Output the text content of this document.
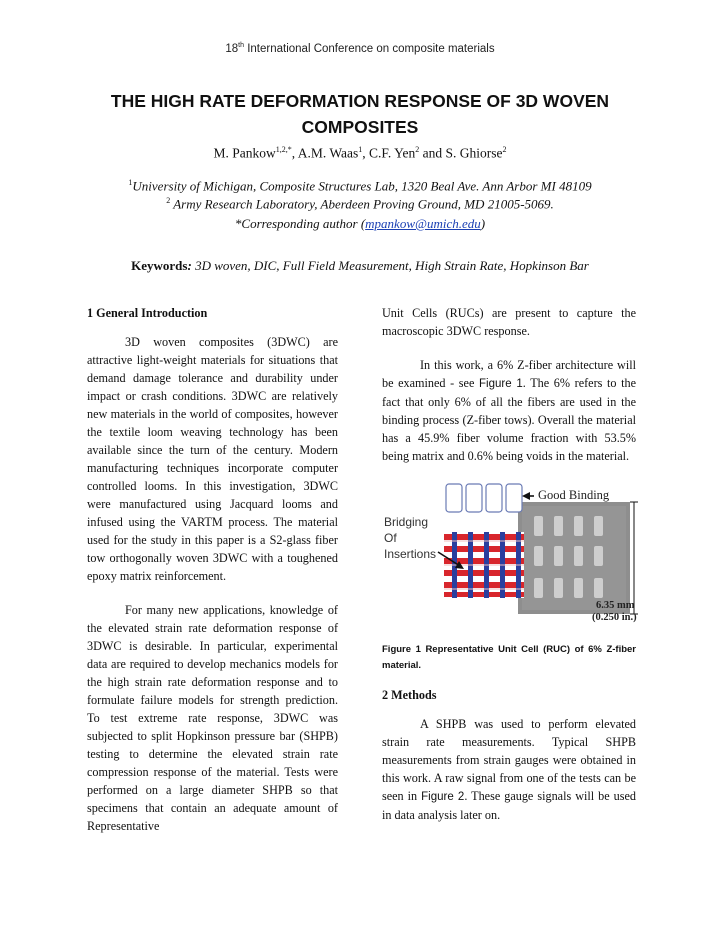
18th International Conference on composite materials
THE HIGH RATE DEFORMATION RESPONSE OF 3D WOVEN COMPOSITES
M. Pankow$^{1,2,*}$, A.M. Waas$^1$, C.F. Yen$^2$ and S. Ghiorse$^2$
$^1$University of Michigan, Composite Structures Lab, 1320 Beal Ave. Ann Arbor MI 48109
$^2$ Army Research Laboratory, Aberdeen Proving Ground, MD 21005-5069.
*Corresponding author (mpankow@umich.edu)
Keywords: 3D woven, DIC, Full Field Measurement, High Strain Rate, Hopkinson Bar
1 General Introduction

3D woven composites (3DWC) are attractive light-weight materials for situations that demand damage tolerance and durability under impact or crash conditions. 3DWC are relatively new materials in the world of composites, however the textile loom weaving technology has been available since the turn of the century. Modern manufacturing techniques incorporate computer controlled looms. In this investigation, 3DWC were manufactured using Jacquard looms and infused using the VARTM process. The material used for the study in this paper is a S2-glass fiber tow orthogonally woven 3DWC with a toughened epoxy matrix reinforcement.

For many new applications, knowledge of the elevated strain rate deformation response of 3DWC is desirable. In particular, experimental data are required to develop mechanics models for the high strain rate deformation response and to formulate failure models for strength prediction. To test extreme rate response, 3DWC was subjected to split Hopkinson pressure bar (SHPB) testing to determine the elevated strain rate compression response of the material. Tests were performed on a large diameter SHPB so that specimens that contain an adequate amount of Representative

Unit Cells (RUCs) are present to capture the macroscopic 3DWC response.

In this work, a 6% Z-fiber architecture will be examined - see Figure 1. The 6% refers to the fact that only 6% of all the fibers are used in the binding process (Z-fiber tows). Overall the material has a 45.9% fiber volume fraction with 53.5% being matrix and 0.6% being voids in the material.

Good Binding
Bridging
Of
Insertions
6.35 mm
(0.250 in.)
Figure 1 Representative Unit Cell (RUC) of 6% Z-fiber material.
2 Methods

A SHPB was used to perform elevated strain rate measurements. Typical SHPB measurements from strain gauges were obtained in this work. A raw signal from one of the tests can be seen in Figure 2. These gauge signals will be used in data analysis later on.
